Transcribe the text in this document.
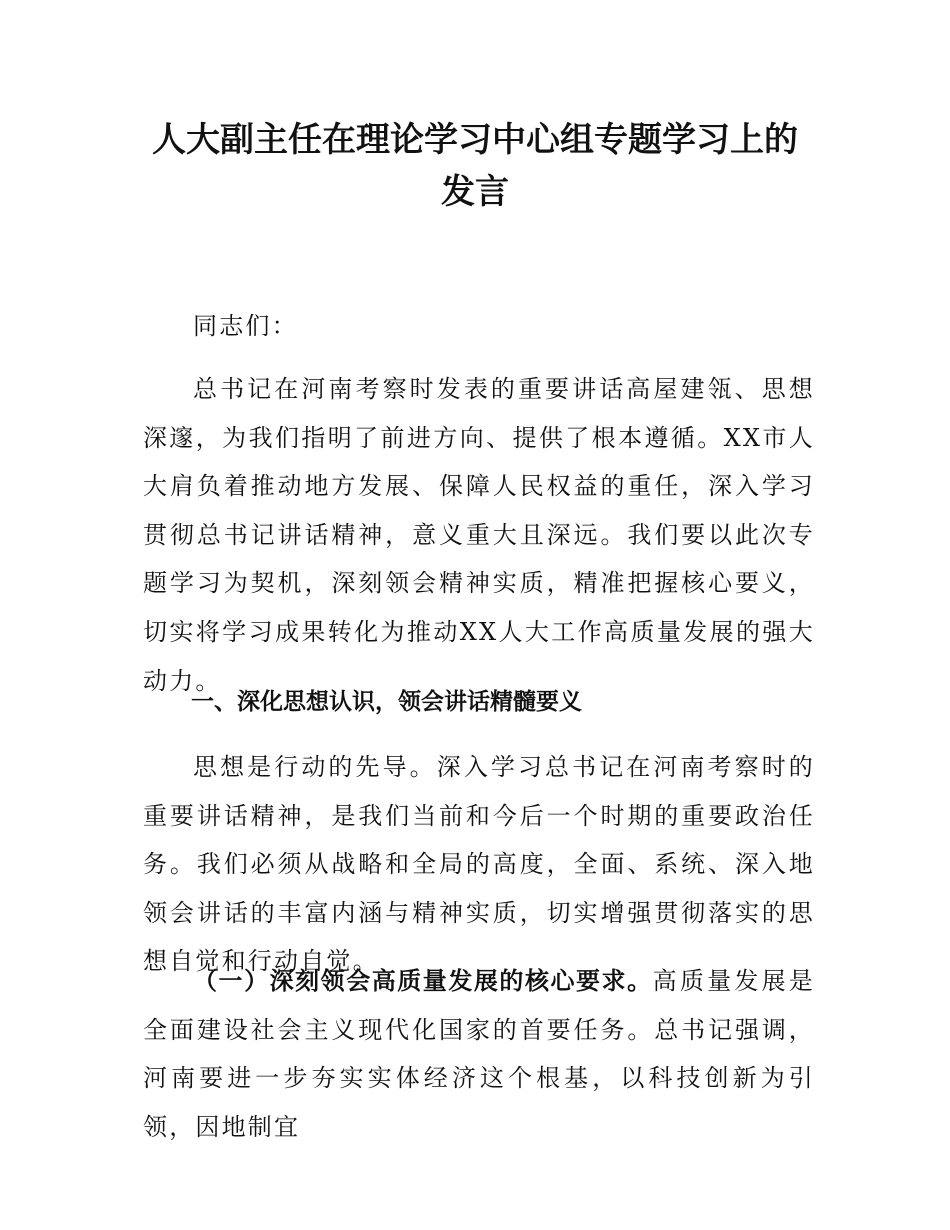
人大副主任在理论学习中心组专题学习上的
发言

同志们：

总书记在河南考察时发表的重要讲话高屋建瓴、思想深邃，为我们指明了前进方向、提供了根本遵循。XX市人大肩负着推动地方发展、保障人民权益的重任，深入学习贯彻总书记讲话精神，意义重大且深远。我们要以此次专题学习为契机，深刻领会精神实质，精准把握核心要义，切实将学习成果转化为推动XX人大工作高质量发展的强大动力。

一、深化思想认识，领会讲话精髓要义

思想是行动的先导。深入学习总书记在河南考察时的重要讲话精神，是我们当前和今后一个时期的重要政治任务。我们必须从战略和全局的高度，全面、系统、深入地领会讲话的丰富内涵与精神实质，切实增强贯彻落实的思想自觉和行动自觉。

（一）深刻领会高质量发展的核心要求。高质量发展是全面建设社会主义现代化国家的首要任务。总书记强调，河南要进一步夯实实体经济这个根基，以科技创新为引领，因地制宜
